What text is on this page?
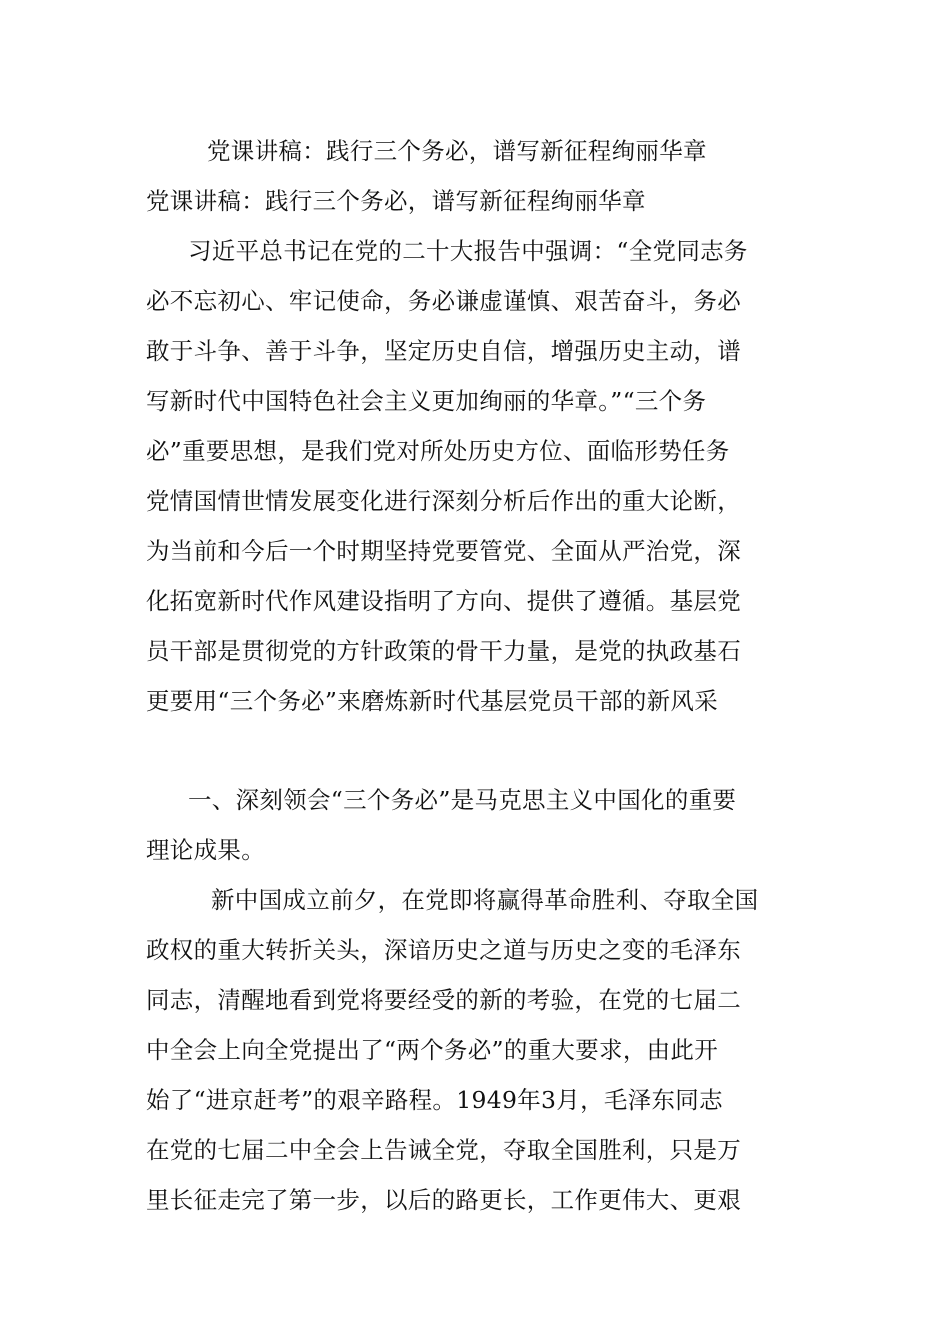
党课讲稿：践行三个务必，谱写新征程绚丽华章
党课讲稿：践行三个务必，谱写新征程绚丽华章
习近平总书记在党的二十大报告中强调：“全党同志务
必不忘初心、牢记使命，务必谦虚谨慎、艰苦奋斗，务必
敢于斗争、善于斗争，坚定历史自信，增强历史主动，谱
写新时代中国特色社会主义更加绚丽的华章。”“三个务
必”重要思想，是我们党对所处历史方位、面临形势任务
党情国情世情发展变化进行深刻分析后作出的重大论断，
为当前和今后一个时期坚持党要管党、全面从严治党，深
化拓宽新时代作风建设指明了方向、提供了遵循。基层党
员干部是贯彻党的方针政策的骨干力量，是党的执政基石
更要用“三个务必”来磨炼新时代基层党员干部的新风采
一、深刻领会“三个务必”是马克思主义中国化的重要
理论成果。
新中国成立前夕，在党即将赢得革命胜利、夺取全国
政权的重大转折关头，深谙历史之道与历史之变的毛泽东
同志，清醒地看到党将要经受的新的考验，在党的七届二
中全会上向全党提出了“两个务必”的重大要求，由此开
始了“进京赶考”的艰辛路程。1949年3月，毛泽东同志
在党的七届二中全会上告诫全党，夺取全国胜利，只是万
里长征走完了第一步，以后的路更长，工作更伟大、更艰
